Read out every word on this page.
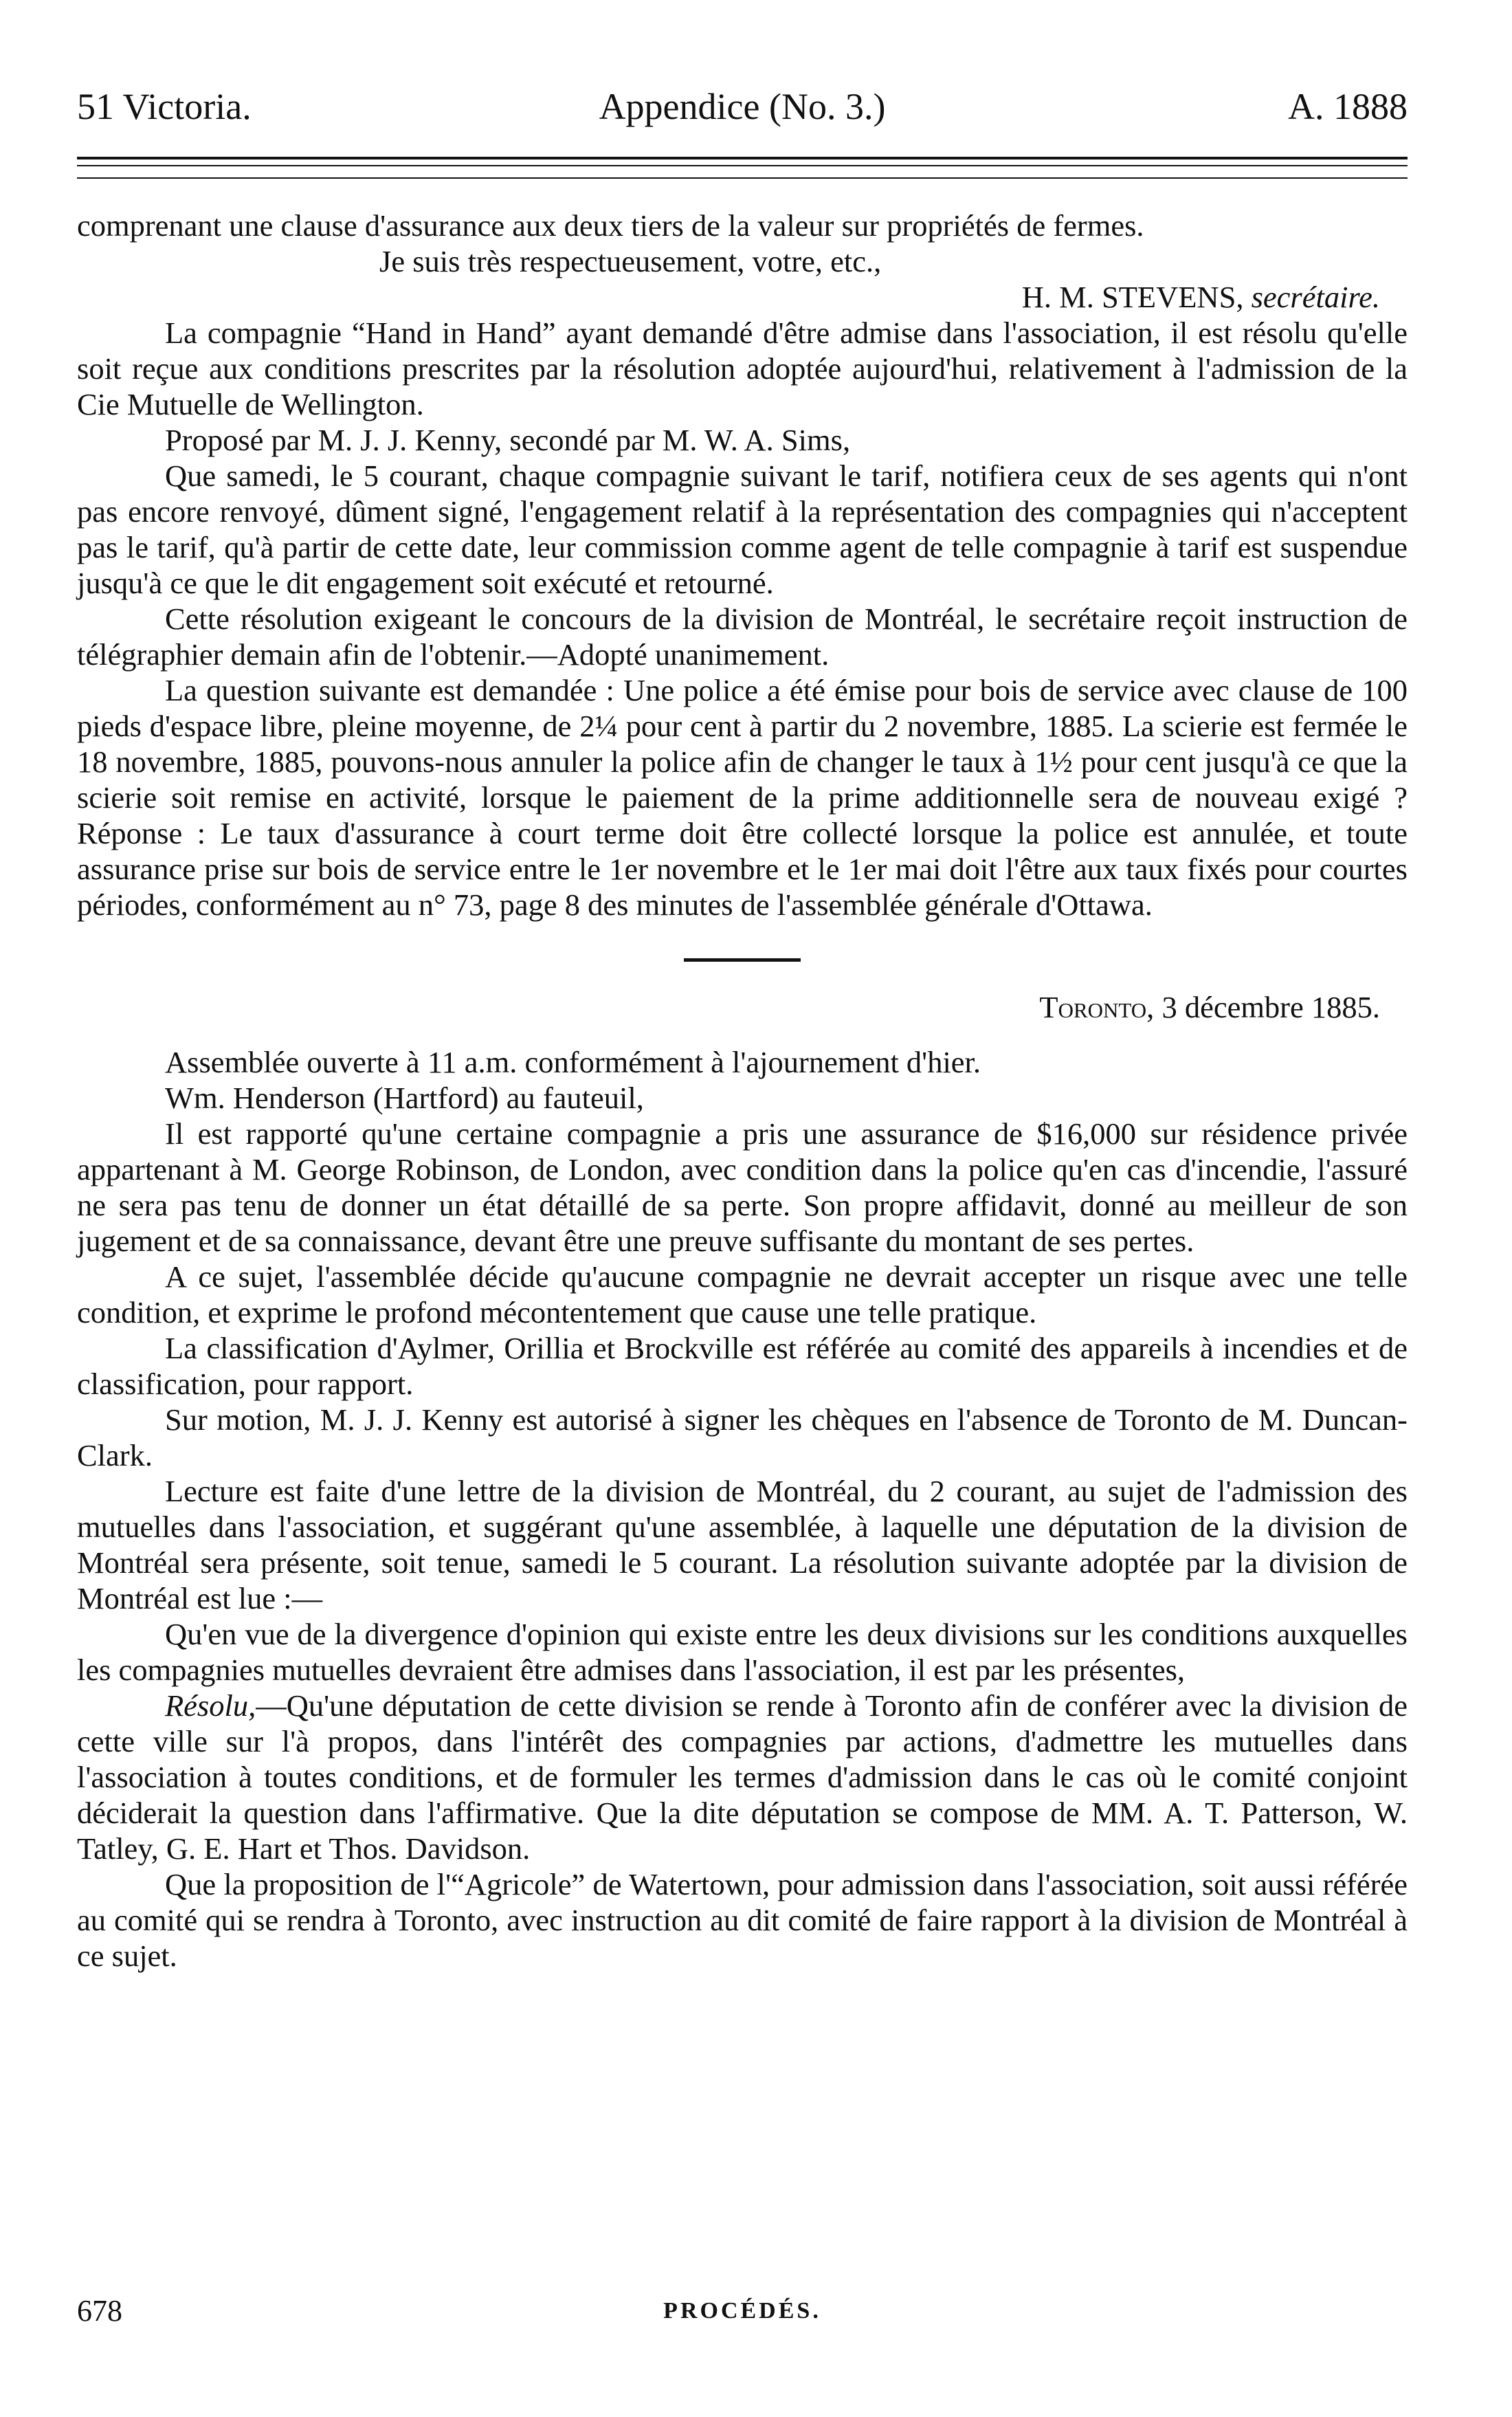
51 Victoria.	Appendice (No. 3.)	A. 1888

comprenant une clause d'assurance aux deux tiers de la valeur sur propriétés de fermes.

Je suis très respectueusement, votre, etc.,

H. M. STEVENS, secrétaire.

La compagnie “Hand in Hand” ayant demandé d'être admise dans l'association, il est résolu qu'elle soit reçue aux conditions prescrites par la résolution adoptée aujourd'hui, relativement à l'admission de la Cie Mutuelle de Wellington.

Proposé par M. J. J. Kenny, secondé par M. W. A. Sims,

Que samedi, le 5 courant, chaque compagnie suivant le tarif, notifiera ceux de ses agents qui n'ont pas encore renvoyé, dûment signé, l'engagement relatif à la représentation des compagnies qui n'acceptent pas le tarif, qu'à partir de cette date, leur commission comme agent de telle compagnie à tarif est suspendue jusqu'à ce que le dit engagement soit exécuté et retourné.

Cette résolution exigeant le concours de la division de Montréal, le secrétaire reçoit instruction de télégraphier demain afin de l'obtenir.—Adopté unanimement.

La question suivante est demandée : Une police a été émise pour bois de service avec clause de 100 pieds d'espace libre, pleine moyenne, de 2¼ pour cent à partir du 2 novembre, 1885. La scierie est fermée le 18 novembre, 1885, pouvons-nous annuler la police afin de changer le taux à 1½ pour cent jusqu'à ce que la scierie soit remise en activité, lorsque le paiement de la prime additionnelle sera de nouveau exigé ? Réponse : Le taux d'assurance à court terme doit être collecté lorsque la police est annulée, et toute assurance prise sur bois de service entre le 1er novembre et le 1er mai doit l'être aux taux fixés pour courtes périodes, conformément au n° 73, page 8 des minutes de l'assemblée générale d'Ottawa.

Toronto, 3 décembre 1885.

Assemblée ouverte à 11 a.m. conformément à l'ajournement d'hier.

Wm. Henderson (Hartford) au fauteuil,

Il est rapporté qu'une certaine compagnie a pris une assurance de $16,000 sur résidence privée appartenant à M. George Robinson, de London, avec condition dans la police qu'en cas d'incendie, l'assuré ne sera pas tenu de donner un état détaillé de sa perte. Son propre affidavit, donné au meilleur de son jugement et de sa connaissance, devant être une preuve suffisante du montant de ses pertes.

A ce sujet, l'assemblée décide qu'aucune compagnie ne devrait accepter un risque avec une telle condition, et exprime le profond mécontentement que cause une telle pratique.

La classification d'Aylmer, Orillia et Brockville est référée au comité des appareils à incendies et de classification, pour rapport.

Sur motion, M. J. J. Kenny est autorisé à signer les chèques en l'absence de Toronto de M. Duncan-Clark.

Lecture est faite d'une lettre de la division de Montréal, du 2 courant, au sujet de l'admission des mutuelles dans l'association, et suggérant qu'une assemblée, à laquelle une députation de la division de Montréal sera présente, soit tenue, samedi le 5 courant. La résolution suivante adoptée par la division de Montréal est lue :—

Qu'en vue de la divergence d'opinion qui existe entre les deux divisions sur les conditions auxquelles les compagnies mutuelles devraient être admises dans l'association, il est par les présentes,

Résolu,—Qu'une députation de cette division se rende à Toronto afin de conférer avec la division de cette ville sur l'à propos, dans l'intérêt des compagnies par actions, d'admettre les mutuelles dans l'association à toutes conditions, et de formuler les termes d'admission dans le cas où le comité conjoint déciderait la question dans l'affirmative. Que la dite députation se compose de MM. A. T. Patterson, W. Tatley, G. E. Hart et Thos. Davidson.

Que la proposition de l'“Agricole” de Watertown, pour admission dans l'association, soit aussi référée au comité qui se rendra à Toronto, avec instruction au dit comité de faire rapport à la division de Montréal à ce sujet.

678	PROCÉDÉS.
